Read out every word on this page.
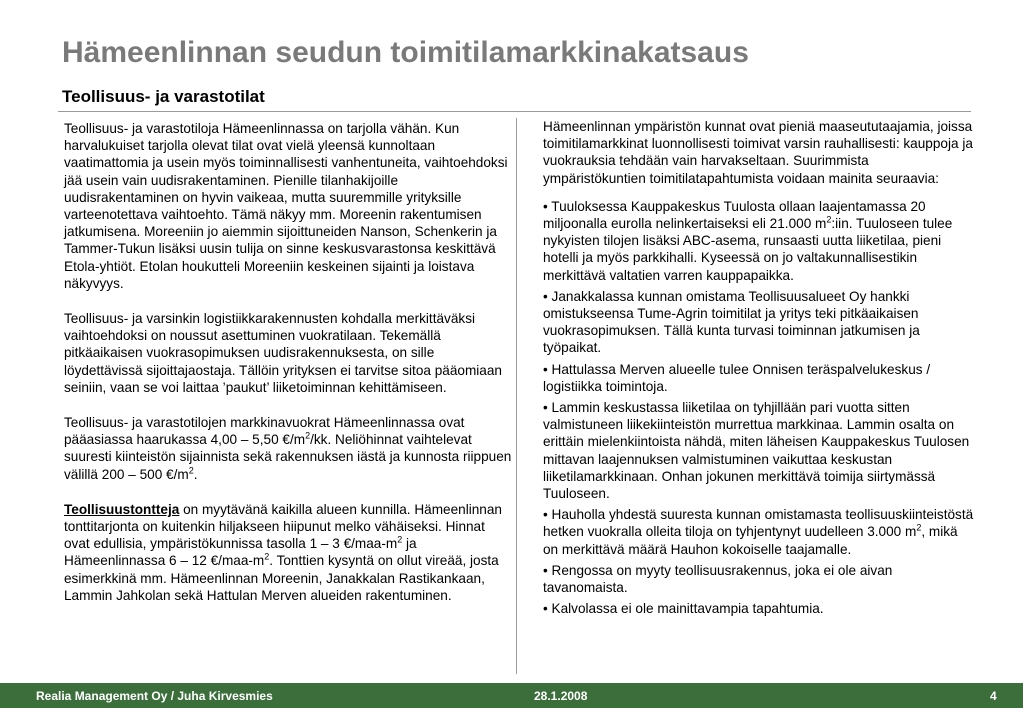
Hämeenlinnan seudun toimitilamarkkinakatsaus
Teollisuus- ja varastotilat

Teollisuus- ja varastotiloja Hämeenlinnassa on tarjolla vähän. Kun harvalukuiset tarjolla olevat tilat ovat vielä yleensä kunnoltaan vaatimattomia ja usein myös toiminnallisesti vanhentuneita, vaihtoehdoksi jää usein vain uudisrakentaminen. Pienille tilanhakijoille uudisrakentaminen on hyvin vaikeaa, mutta suuremmille yrityksille varteenotettava vaihtoehto. Tämä näkyy mm. Moreenin rakentumisen jatkumisena. Moreeniin jo aiemmin sijoittuneiden Nanson, Schenkerin ja Tammer-Tukun lisäksi uusin tulija on sinne keskusvarastonsa keskittävä Etola-yhtiöt. Etolan houkutteli Moreeniin keskeinen sijainti ja loistava näkyvyys.

Teollisuus- ja varsinkin logistiikkarakennusten kohdalla merkittäväksi vaihtoehdoksi on noussut asettuminen vuokratilaan. Tekemällä pitkäaikaisen vuokrasopimuksen uudisrakennuksesta, on sille löydettävissä sijoittajaostaja. Tällöin yrityksen ei tarvitse sitoa pääomiaan seiniin, vaan se voi laittaa ’paukut’ liiketoiminnan kehittämiseen.

Teollisuus- ja varastotilojen markkinavuokrat Hämeenlinnassa ovat pääasiassa haarukassa 4,00 – 5,50 $€/m^2/kk$. Neliöhinnat vaihtelevat suuresti kiinteistön sijainnista sekä rakennuksen iästä ja kunnosta riippuen välillä 200 – 500 $€/m^2$.

Teollisuustontteja on myytävänä kaikilla alueen kunnilla. Hämeenlinnan tonttitarjonta on kuitenkin hiljakseen hiipunut melko vähäiseksi. Hinnat ovat edullisia, ympäristökunnissa tasolla 1 – 3 $€/maa-m^2$ ja Hämeenlinnassa 6 – 12 $€/maa-m^2$. Tonttien kysyntä on ollut vireää, josta esimerkkinä mm. Hämeenlinnan Moreenin, Janakkalan Rastikankaan, Lammin Jahkolan sekä Hattulan Merven alueiden rakentuminen.

Hämeenlinnan ympäristön kunnat ovat pieniä maaseututaajamia, joissa toimitilamarkkinat luonnollisesti toimivat varsin rauhallisesti: kauppoja ja vuokrauksia tehdään vain harvakseltaan. Suurimmista ympäristökuntien toimitilatapahtumista voidaan mainita seuraavia:

• Tuuloksessa Kauppakeskus Tuulosta ollaan laajentamassa 20 miljoonalla eurolla nelinkertaiseksi eli 21.000 $m^2:iin$. Tuuloseen tulee nykyisten tilojen lisäksi ABC-asema, runsaasti uutta liiketilaa, pieni hotelli ja myös parkkihalli. Kyseessä on jo valtakunnallisestikin merkittävä valtatien varren kauppapaikka.

• Janakkalassa kunnan omistama Teollisuusalueet Oy hankki omistukseensa Tume-Agrin toimitilat ja yritys teki pitkäaikaisen vuokrasopimuksen. Tällä kunta turvasi toiminnan jatkumisen ja työpaikat.

• Hattulassa Merven alueelle tulee Onnisen teräspalvelukeskus / logistiikka toimintoja.

• Lammin keskustassa liiketilaa on tyhjillään pari vuotta sitten valmistuneen liikekiinteistön murrettua markkinaa. Lammin osalta on erittäin mielenkiintoista nähdä, miten läheisen Kauppakeskus Tuulosen mittavan laajennuksen valmistuminen vaikuttaa keskustan liiketilamarkkinaan. Onhan jokunen merkittävä toimija siirtymässä Tuuloseen.

• Hauholla yhdestä suuresta kunnan omistamasta teollisuuskiinteistöstä hetken vuokralla olleita tiloja on tyhjentynyt uudelleen 3.000 $m^2$, mikä on merkittävä määrä Hauhon kokoiselle taajamalle.

• Rengossa on myyty teollisuusrakennus, joka ei ole aivan tavanomaista.

• Kalvolassa ei ole mainittavampia tapahtumia.

Realia Management Oy / Juha Kirvesmies	28.1.2008	4
